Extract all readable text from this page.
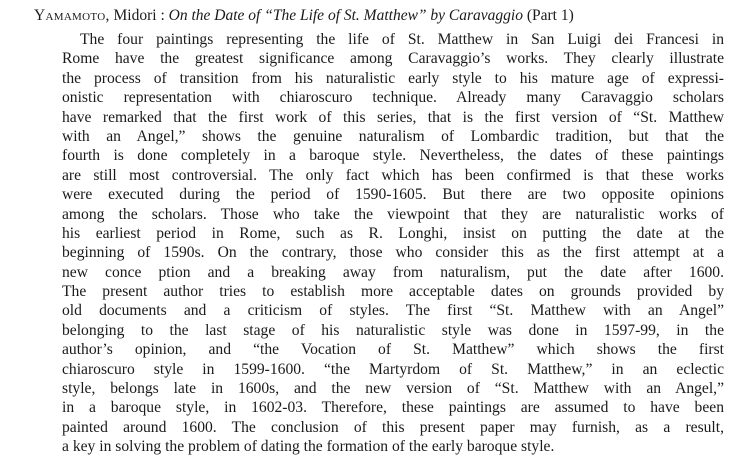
Yamamoto, Midori : On the Date of “The Life of St. Matthew” by Caravaggio (Part 1)
The four paintings representing the life of St. Matthew in San Luigi dei Francesi in
Rome have the greatest significance among Caravaggio’s works. They clearly illustrate
the process of transition from his naturalistic early style to his mature age of expressi-
onistic representation with chiaroscuro technique. Already many Caravaggio scholars
have remarked that the first work of this series, that is the first version of “St. Matthew
with an Angel,” shows the genuine naturalism of Lombardic tradition, but that the
fourth is done completely in a baroque style. Nevertheless, the dates of these paintings
are still most controversial. The only fact which has been confirmed is that these works
were executed during the period of 1590-1605. But there are two opposite opinions
among the scholars. Those who take the viewpoint that they are naturalistic works of
his earliest period in Rome, such as R. Longhi, insist on putting the date at the
beginning of 1590s. On the contrary, those who consider this as the first attempt at a
new conce ption and a breaking away from naturalism, put the date after 1600.
The present author tries to establish more acceptable dates on grounds provided by
old documents and a criticism of styles. The first “St. Matthew with an Angel”
belonging to the last stage of his naturalistic style was done in 1597-99, in the
author’s opinion, and “the Vocation of St. Matthew” which shows the first
chiaroscuro style in 1599-1600. “the Martyrdom of St. Matthew,” in an eclectic
style, belongs late in 1600s, and the new version of “St. Matthew with an Angel,”
in a baroque style, in 1602-03. Therefore, these paintings are assumed to have been
painted around 1600. The conclusion of this present paper may furnish, as a result,
a key in solving the problem of dating the formation of the early baroque style.
